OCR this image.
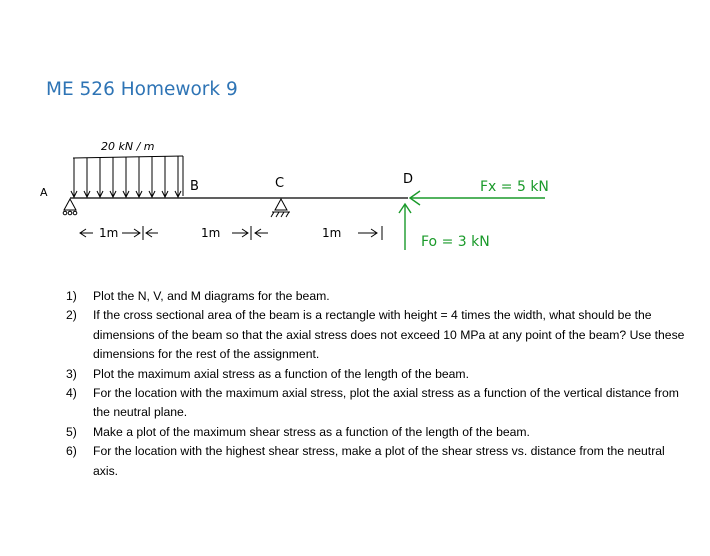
ME 526 Homework 9
20 kN / m
A	B	C	D
1m	1m	1m
Fx = 5 kN
Fo = 3 kN
1) Plot the N, V, and M diagrams for the beam.
2) If the cross sectional area of the beam is a rectangle with height = 4 times the width, what should be the dimensions of the beam so that the axial stress does not exceed 10 MPa at any point of the beam? Use these dimensions for the rest of the assignment.
3) Plot the maximum axial stress as a function of the length of the beam.
4) For the location with the maximum axial stress, plot the axial stress as a function of the vertical distance from the neutral plane.
5) Make a plot of the maximum shear stress as a function of the length of the beam.
6) For the location with the highest shear stress, make a plot of the shear stress vs. distance from the neutral axis.
